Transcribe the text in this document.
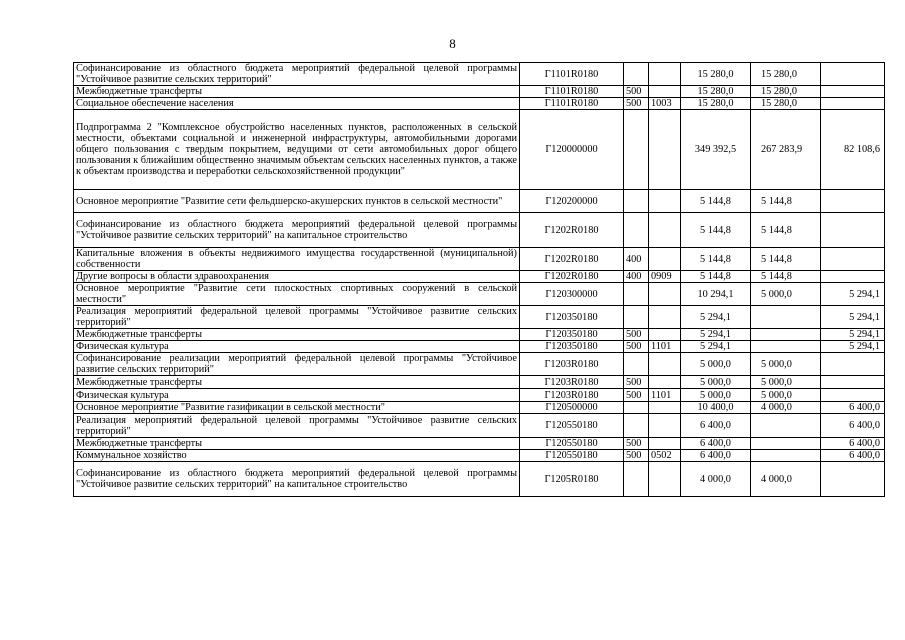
8
Софинансирование из областного бюджета мероприятий федеральной целевой программы "Устойчивое развитие сельских территорий"	Г1101R0180			15 280,0	15 280,0	
Межбюджетные трансферты	Г1101R0180	500		15 280,0	15 280,0	
Социальное обеспечение населения	Г1101R0180	500	1003	15 280,0	15 280,0	
Подпрограмма 2 "Комплексное обустройство населенных пунктов, расположенных в сельской местности, объектами социальной и инженерной инфраструктуры, автомобильными дорогами общего пользования с твердым покрытием, ведущими от сети автомобильных дорог общего пользования к ближайшим общественно значимым объектам сельских населенных пунктов, а также к объектам производства и переработки сельскохозяйственной продукции"	Г120000000			349 392,5	267 283,9	82 108,6
Основное мероприятие "Развитие сети фельдшерско-акушерских пунктов в сельской местности"	Г120200000			5 144,8	5 144,8	
Софинансирование из областного бюджета мероприятий федеральной целевой программы "Устойчивое развитие сельских территорий" на капитальное строительство	Г1202R0180			5 144,8	5 144,8	
Капитальные вложения в объекты недвижимого имущества государственной (муниципальной) собственности	Г1202R0180	400		5 144,8	5 144,8	
Другие вопросы в области здравоохранения	Г1202R0180	400	0909	5 144,8	5 144,8	
Основное мероприятие "Развитие сети плоскостных спортивных сооружений в сельской местности"	Г120300000			10 294,1	5 000,0	5 294,1
Реализация мероприятий федеральной целевой программы "Устойчивое развитие сельских территорий"	Г120350180			5 294,1		5 294,1
Межбюджетные трансферты	Г120350180	500		5 294,1		5 294,1
Физическая культура	Г120350180	500	1101	5 294,1		5 294,1
Софинансирование реализации мероприятий федеральной целевой программы "Устойчивое развитие сельских территорий"	Г1203R0180			5 000,0	5 000,0	
Межбюджетные трансферты	Г1203R0180	500		5 000,0	5 000,0	
Физическая культура	Г1203R0180	500	1101	5 000,0	5 000,0	
Основное мероприятие "Развитие газификации в сельской местности"	Г120500000			10 400,0	4 000,0	6 400,0
Реализация мероприятий федеральной целевой программы "Устойчивое развитие сельских территорий"	Г120550180			6 400,0		6 400,0
Межбюджетные трансферты	Г120550180	500		6 400,0		6 400,0
Коммунальное хозяйство	Г120550180	500	0502	6 400,0		6 400,0
Софинансирование из областного бюджета мероприятий федеральной целевой программы "Устойчивое развитие сельских территорий" на капитальное строительство	Г1205R0180			4 000,0	4 000,0	
